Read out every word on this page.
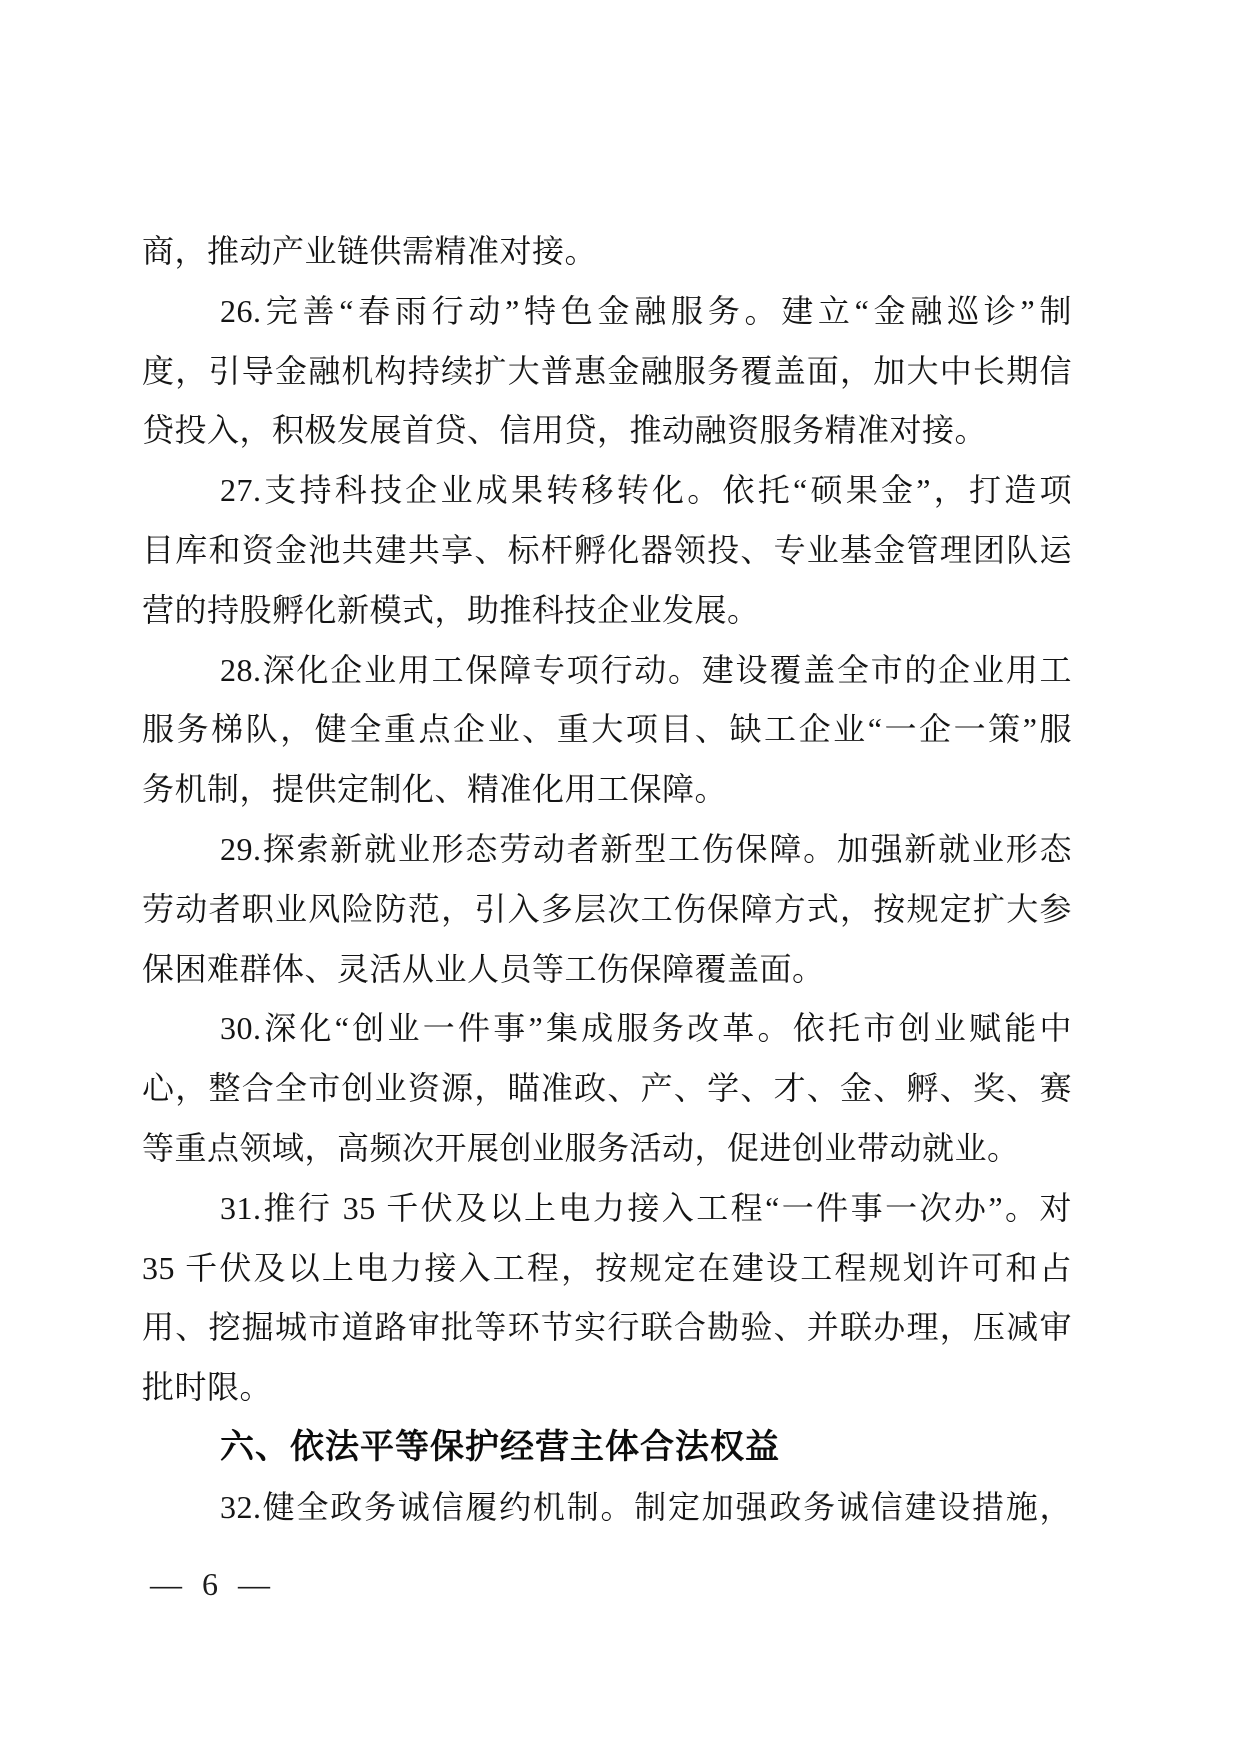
商，推动产业链供需精准对接。
26.完善“春雨行动”特色金融服务。建立“金融巡诊”制
度，引导金融机构持续扩大普惠金融服务覆盖面，加大中长期信
贷投入，积极发展首贷、信用贷，推动融资服务精准对接。
27.支持科技企业成果转移转化。依托“硕果金”，打造项
目库和资金池共建共享、标杆孵化器领投、专业基金管理团队运
营的持股孵化新模式，助推科技企业发展。
28.深化企业用工保障专项行动。建设覆盖全市的企业用工
服务梯队，健全重点企业、重大项目、缺工企业“一企一策”服
务机制，提供定制化、精准化用工保障。
29.探索新就业形态劳动者新型工伤保障。加强新就业形态
劳动者职业风险防范，引入多层次工伤保障方式，按规定扩大参
保困难群体、灵活从业人员等工伤保障覆盖面。
30.深化“创业一件事”集成服务改革。依托市创业赋能中
心，整合全市创业资源，瞄准政、产、学、才、金、孵、奖、赛
等重点领域，高频次开展创业服务活动，促进创业带动就业。
31.推行 35 千伏及以上电力接入工程“一件事一次办”。对
35 千伏及以上电力接入工程，按规定在建设工程规划许可和占
用、挖掘城市道路审批等环节实行联合勘验、并联办理，压减审
批时限。
六、依法平等保护经营主体合法权益
32.健全政务诚信履约机制。制定加强政务诚信建设措施，
— 6 —
